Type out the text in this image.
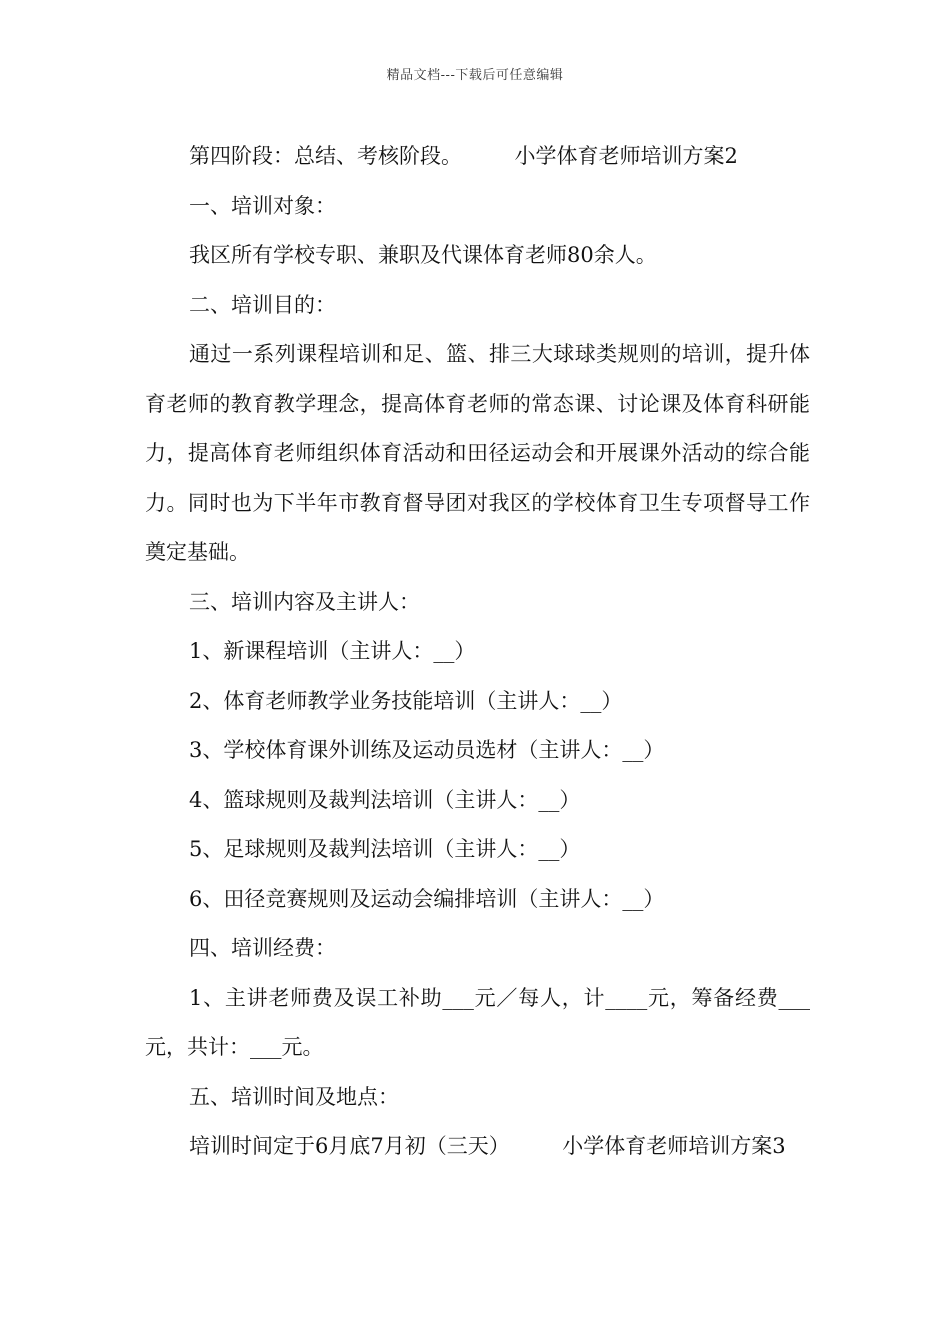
精品文档---下载后可任意编辑

第四阶段：总结、考核阶段。　　　小学体育老师培训方案2

一、培训对象：

我区所有学校专职、兼职及代课体育老师80余人。

二、培训目的：

通过一系列课程培训和足、篮、排三大球球类规则的培训，提升体育老师的教育教学理念，提高体育老师的常态课、讨论课及体育科研能力，提高体育老师组织体育活动和田径运动会和开展课外活动的综合能力。同时也为下半年市教育督导团对我区的学校体育卫生专项督导工作奠定基础。

三、培训内容及主讲人：

1、新课程培训（主讲人：__）

2、体育老师教学业务技能培训（主讲人：__）

3、学校体育课外训练及运动员选材（主讲人：__）

4、篮球规则及裁判法培训（主讲人：__）

5、足球规则及裁判法培训（主讲人：__）

6、田径竞赛规则及运动会编排培训（主讲人：__）

四、培训经费：

1、主讲老师费及误工补助___元／每人，计____元，筹备经费___元，共计：___元。

五、培训时间及地点：

培训时间定于6月底7月初（三天）　　　小学体育老师培训方案3
